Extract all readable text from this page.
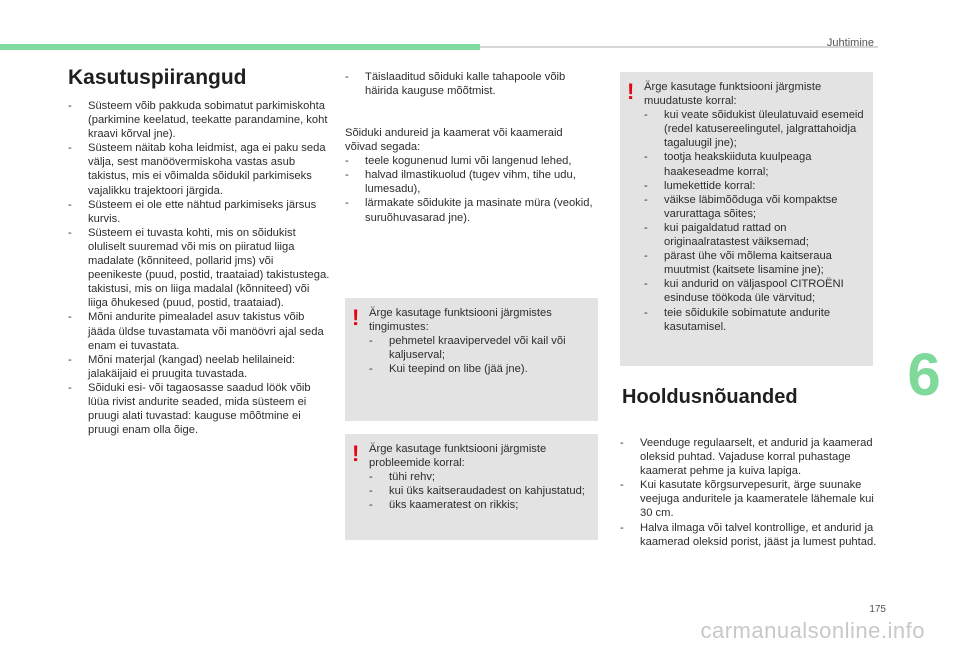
Juhtimine
Kasutuspiirangud
- Süsteem võib pakkuda sobimatut parkimiskohta (parkimine keelatud, teekatte parandamine, koht kraavi kõrval jne).
- Süsteem näitab koha leidmist, aga ei paku seda välja, sest manöövermiskoha vastas asub takistus, mis ei võimalda sõidukil parkimiseks vajalikku trajektoori järgida.
- Süsteem ei ole ette nähtud parkimiseks järsus kurvis.
- Süsteem ei tuvasta kohti, mis on sõidukist oluliselt suuremad või mis on piiratud liiga madalate (kõnniteed, pollarid jms) või peenikeste (puud, postid, traataiad) takistustega. takistusi, mis on liiga madalal (kõnniteed) või liiga õhukesed (puud, postid, traataiad).
- Mõni andurite pimealadel asuv takistus võib jääda üldse tuvastamata või manöövri ajal seda enam ei tuvastata.
- Mõni materjal (kangad) neelab helilaineid: jalakäijaid ei pruugita tuvastada.
- Sõiduki esi- või tagaosasse saadud löök võib lüüa rivist andurite seaded, mida süsteem ei pruugi alati tuvastad: kauguse mõõtmine ei pruugi enam olla õige.
- Täislaaditud sõiduki kalle tahapoole võib häirida kauguse mõõtmist.
Sõiduki andureid ja kaamerat või kaameraid võivad segada:
- teele kogunenud lumi või langenud lehed,
- halvad ilmastikuolud (tugev vihm, tihe udu, lumesadu),
- lärmakate sõidukite ja masinate müra (veokid, suruõhuvasarad jne).
! Ärge kasutage funktsiooni järgmistes tingimustes:
- pehmetel kraavipervedel või kail või kaljuserval;
- Kui teepind on libe (jää jne).
! Ärge kasutage funktsiooni järgmiste probleemide korral:
- tühi rehv;
- kui üks kaitseraudadest on kahjustatud;
- üks kaameratest on rikkis;
! Ärge kasutage funktsiooni järgmiste muudatuste korral:
- kui veate sõidukist üleulatuvaid esemeid (redel katusereelingutel, jalgrattahoidja tagaluugil jne);
- tootja heakskiiduta kuulpeaga haakeseadme korral;
- lumekettide korral:
- väikse läbimõõduga või kompaktse varurattaga sõites;
- kui paigaldatud rattad on originaalratastest väiksemad;
- pärast ühe või mõlema kaitseraua muutmist (kaitsete lisamine jne);
- kui andurid on väljaspool CITROËNI esinduse töökoda üle värvitud;
- teie sõidukile sobimatute andurite kasutamisel.
Hooldusnõuanded
- Veenduge regulaarselt, et andurid ja kaamerad oleksid puhtad. Vajaduse korral puhastage kaamerat pehme ja kuiva lapiga.
- Kui kasutate kõrgsurvepesurit, ärge suunake veejuga anduritele ja kaameratele lähemale kui 30 cm.
- Halva ilmaga või talvel kontrollige, et andurid ja kaamerad oleksid porist, jääst ja lumest puhtad.
6
175
carmanualsonline.info
